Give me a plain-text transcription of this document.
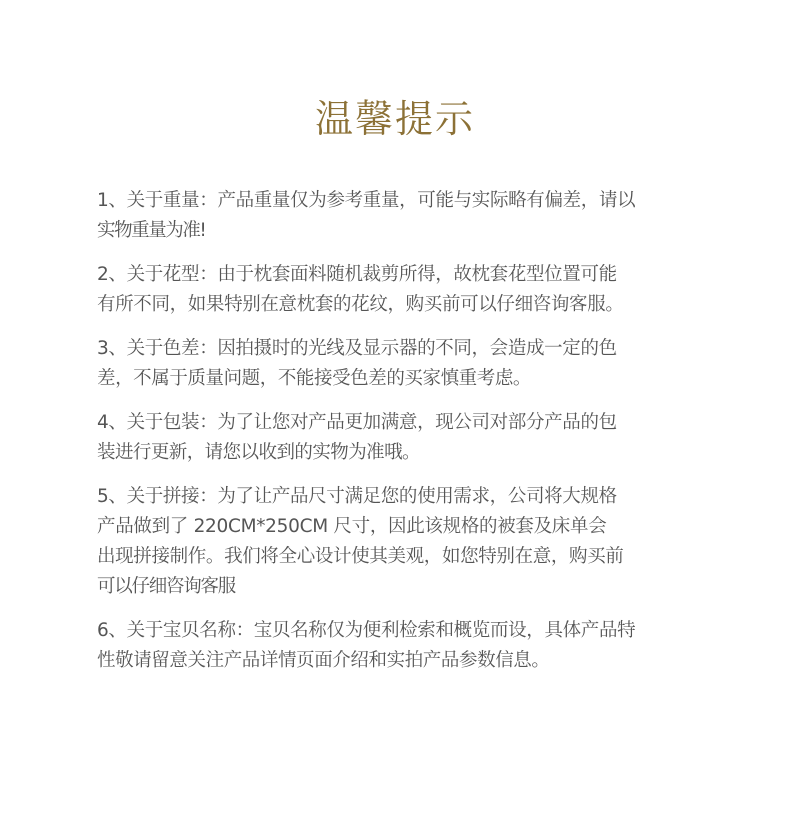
温馨提示
1、关于重量：产品重量仅为参考重量，可能与实际略有偏差，请以
实物重量为准!
2、关于花型：由于枕套面料随机裁剪所得，故枕套花型位置可能
有所不同，如果特别在意枕套的花纹，购买前可以仔细咨询客服。
3、关于色差：因拍摄时的光线及显示器的不同，会造成一定的色
差，不属于质量问题，不能接受色差的买家慎重考虑。
4、关于包装：为了让您对产品更加满意，现公司对部分产品的包
装进行更新，请您以收到的实物为准哦。
5、关于拼接：为了让产品尺寸满足您的使用需求，公司将大规格
产品做到了 220CM*250CM 尺寸，因此该规格的被套及床单会
出现拼接制作。我们将全心设计使其美观，如您特别在意，购买前
可以仔细咨询客服
6、关于宝贝名称：宝贝名称仅为便利检索和概览而设，具体产品特
性敬请留意关注产品详情页面介绍和实拍产品参数信息。
